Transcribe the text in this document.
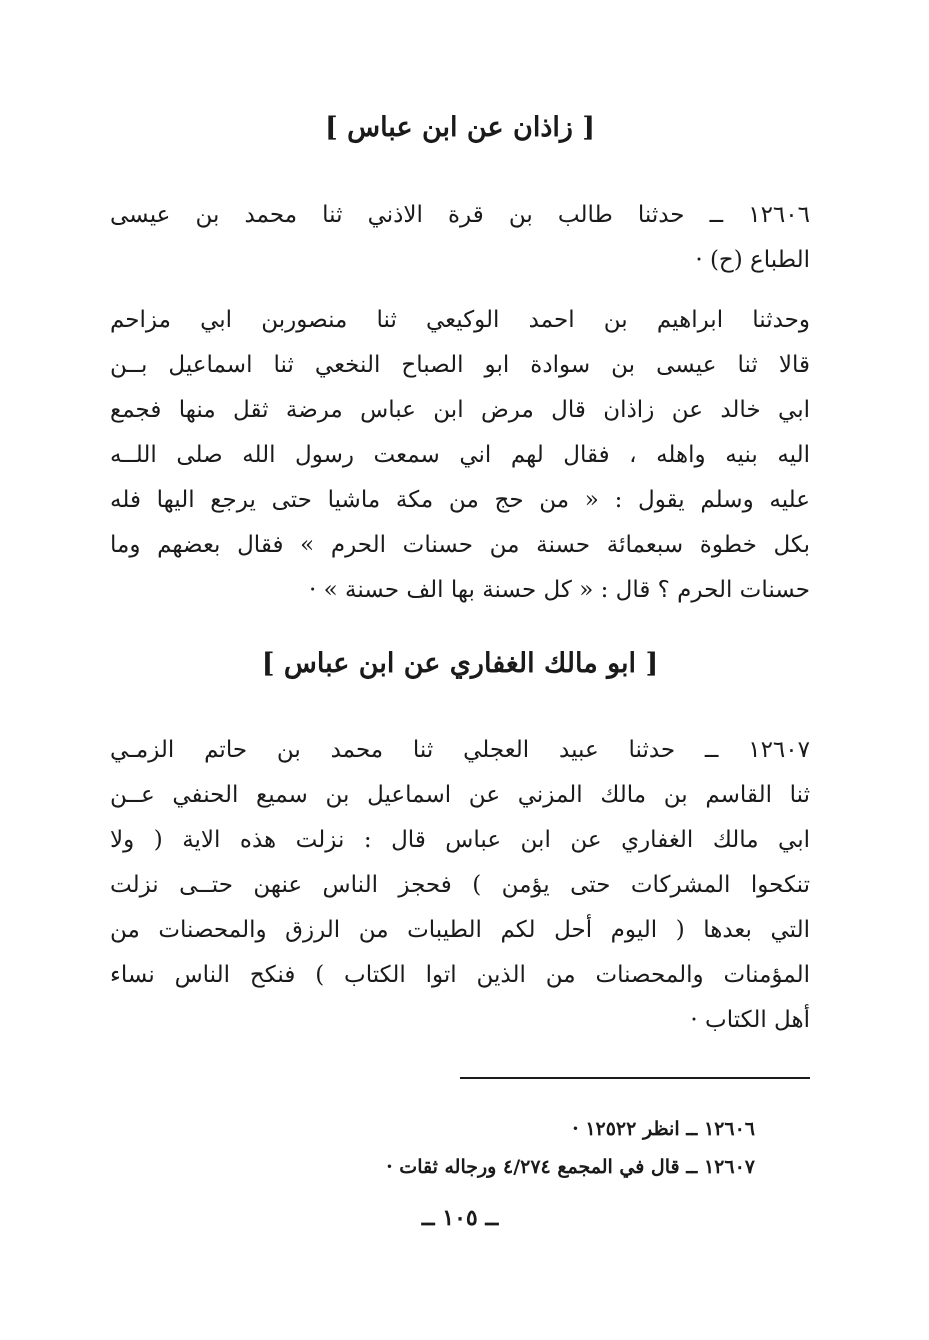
[ زاذان عن ابن عباس ]
١٢٦٠٦ ــ حدثنا طالب بن قرة الاذني ثنا محمد بن عيسى
الطباع (ح) ·
وحدثنا ابراهيم بن احمد الوكيعي ثنا منصوربن ابي مزاحم
قالا ثنا عيسى بن سوادة ابو الصباح النخعي ثنا اسماعيل بــن
ابي خالد عن زاذان قال مرض ابن عباس مرضة ثقل منها فجمع
اليه بنيه واهله ، فقال لهم اني سمعت رسول الله صلى اللــه
عليه وسلم يقول : « من حج من مكة ماشيا حتى يرجع اليها فله
بكل خطوة سبعمائة حسنة من حسنات الحرم » فقال بعضهم وما
حسنات الحرم ؟ قال : « كل حسنة بها الف حسنة » ·
[ ابو مالك الغفاري عن ابن عباس ]
١٢٦٠٧ ــ حدثنا عبيد العجلي ثنا محمد بن حاتم الزمـي
ثنا القاسم بن مالك المزني عن اسماعيل بن سميع الحنفي عــن
ابي مالك الغفاري عن ابن عباس قال : نزلت هذه الاية ( ولا
تنكحوا المشركات حتى يؤمن ) فحجز الناس عنهن حتــى نزلت
التي بعدها ( اليوم أحل لكم الطيبات من الرزق والمحصنات من
المؤمنات والمحصنات من الذين اتوا الكتاب ) فنكح الناس نساء
أهل الكتاب ·
١٢٦٠٦ ــ انظر ١٢٥٢٢ ·
١٢٦٠٧ ــ قال في المجمع ٤/٢٧٤ ورجاله ثقات ·
ــ ١٠٥ ــ
